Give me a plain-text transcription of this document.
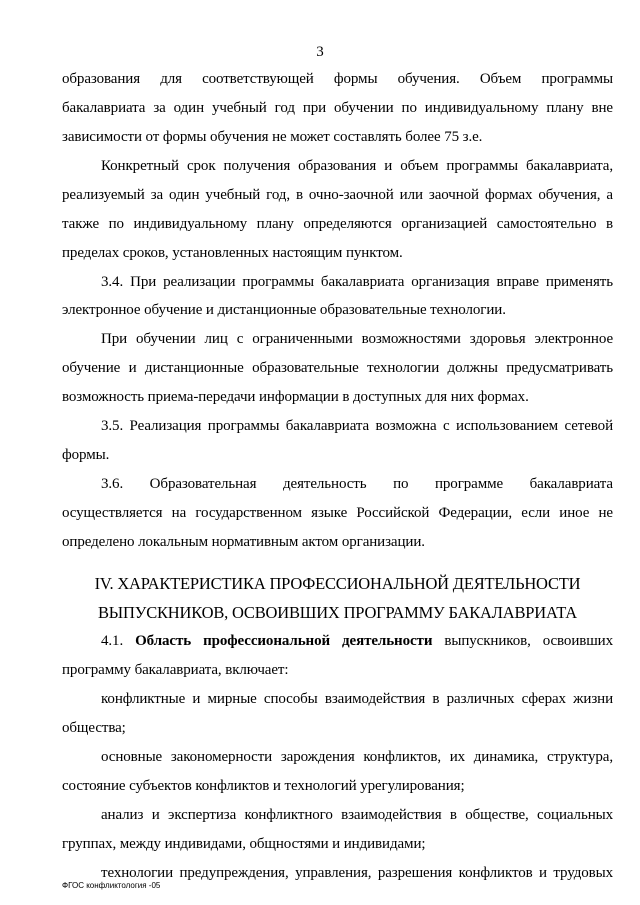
3
образования для соответствующей формы обучения. Объем программы
бакалавриата за один учебный год при обучении по индивидуальному плану вне
зависимости от формы обучения не может составлять более 75 з.е.
Конкретный срок получения образования и объем программы бакалавриата,
реализуемый за один учебный год, в очно-заочной или заочной формах обучения, а
также по индивидуальному плану определяются организацией самостоятельно в
пределах сроков, установленных настоящим пунктом.
3.4. При реализации программы бакалавриата организация вправе применять
электронное обучение и дистанционные образовательные технологии.
При обучении лиц с ограниченными возможностями здоровья электронное
обучение и дистанционные образовательные технологии должны предусматривать
возможность приема-передачи информации в доступных для них формах.
3.5. Реализация программы бакалавриата возможна с использованием сетевой
формы.
3.6. Образовательная деятельность по программе бакалавриата
осуществляется на государственном языке Российской Федерации, если иное не
определено локальным нормативным актом организации.
IV. ХАРАКТЕРИСТИКА ПРОФЕССИОНАЛЬНОЙ ДЕЯТЕЛЬНОСТИ
ВЫПУСКНИКОВ, ОСВОИВШИХ ПРОГРАММУ БАКАЛАВРИАТА
4.1. Область профессиональной деятельности выпускников, освоивших
программу бакалавриата, включает:
конфликтные и мирные способы взаимодействия в различных сферах жизни
общества;
основные закономерности зарождения конфликтов, их динамика, структура,
состояние субъектов конфликтов и технологий урегулирования;
анализ и экспертиза конфликтного взаимодействия в обществе, социальных
группах, между индивидами, общностями и индивидами;
технологии предупреждения, управления, разрешения конфликтов и трудовых
ФГОС конфликтология -05
